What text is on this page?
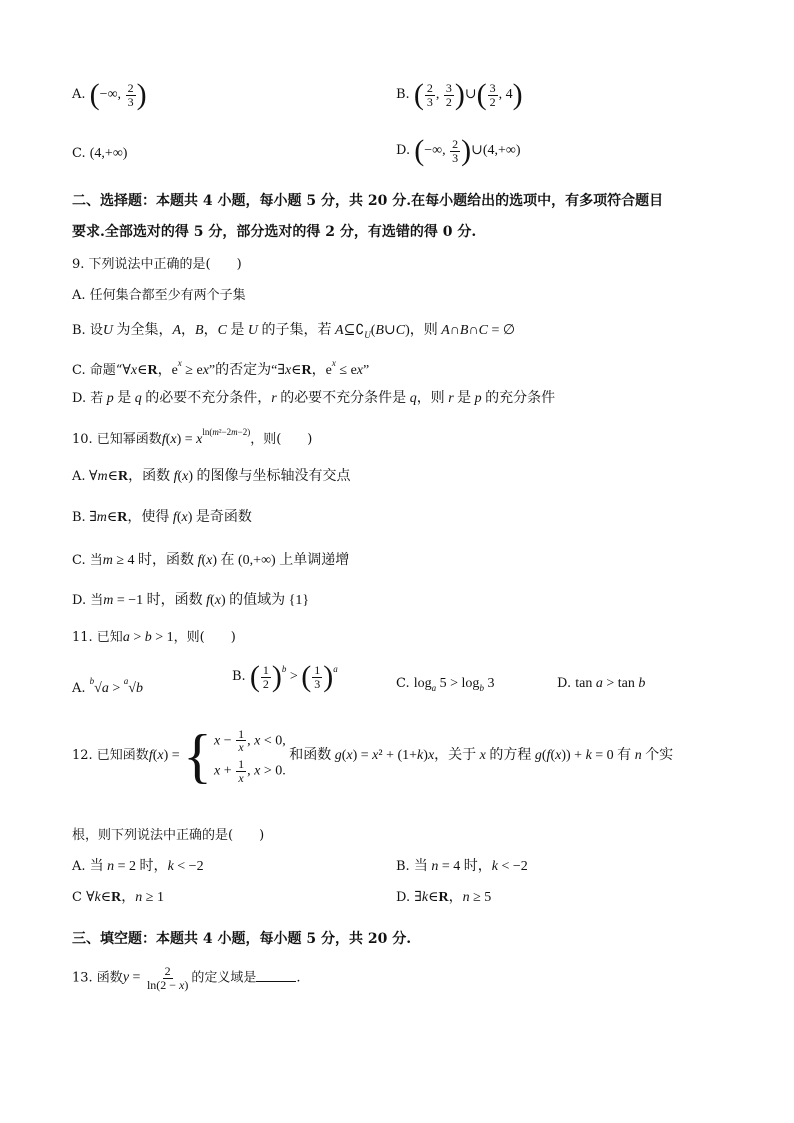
A. (−∞, $\frac{2}{3}$ )	B. ( $\frac{2}{3}$ , $\frac{3}{2}$ )∪( $\frac{3}{2}$ , 4)
C. (4,+∞)	D. (−∞, $\frac{2}{3}$ )∪(4,+∞)
二、选择题：本题共 4 小题，每小题 5 分，共 20 分.在每小题给出的选项中，有多项符合题目
要求.全部选对的得 5 分，部分选对的得 2 分，有选错的得 0 分.
9. 下列说法中正确的是(　　)
A. 任何集合都至少有两个子集
B. 设U 为全集，A，B，C 是 U 的子集，若 $A⊆∁_U(B\cup C)$，则 A∩B∩C = ∅
C. 命题“∀x∈R，$e^x$ ≥ ex”的否定为“∃x∈R，$e^x$ ≤ ex”
D. 若 p 是 q 的必要不充分条件，r 的必要不充分条件是 q，则 r 是 p 的充分条件
10. 已知幂函数$f(x) = x^{ln(m^2-2m-2)}$，则(　　)
A. ∀m∈R，函数 f(x) 的图像与坐标轴没有交点
B. ∃m∈R，使得 f(x) 是奇函数
C. 当m ≥ 4 时，函数 f(x) 在 (0,+∞) 上单调递增
D. 当m = −1 时，函数 f(x) 的值域为 {1}
11. 已知a > b > 1，则(　　)
A. $^b$√a > $^a$√b
B. ( $\frac{1}{2} )^b$ > ( $\frac{1}{3} )^a$
C. $\log_a 5 > \log_b 3$	D. tan a > tan b
12. 已知函数f(x) = { $x - \frac{1}{x}$ , x < 0,
$x + \frac{1}{x}$ , x > 0.
和函数 g(x) = x² + (1+k)x，关于 x 的方程 g(f(x)) + k = 0 有 n 个实
根，则下列说法中正确的是(　　)
A. 当 n = 2 时，k < −2	B. 当 n = 4 时，k < −2
C ∀k∈R，n ≥ 1	D. ∃k∈R，n ≥ 5
三、填空题：本题共 4 小题，每小题 5 分，共 20 分.
13. 函数$y = \frac{2}{\ln(2 - x)}$ 的定义域是	.
